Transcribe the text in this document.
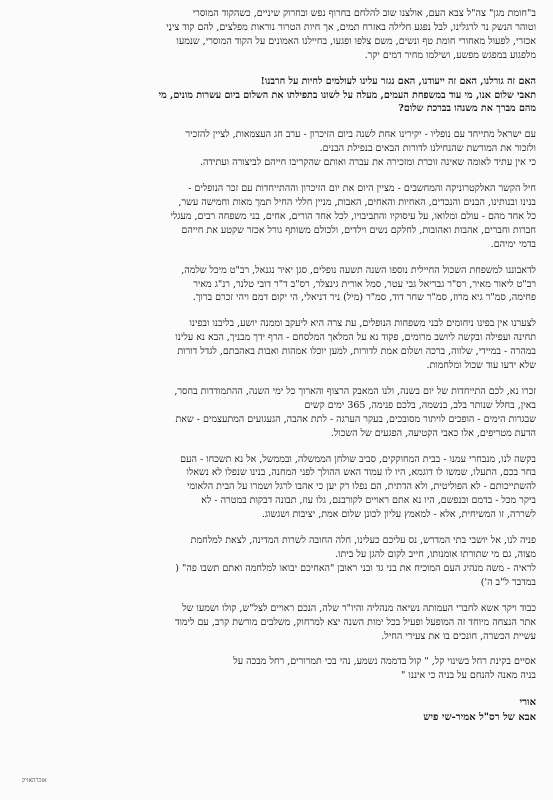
ב"חומת מגן" צה"ל צבא העם, אולצנו שוב להלחם בחרוף נפש ובחרוק שיניים, כשהקוד המוסרי
וטוהר הנשק נר לרגלינו, לבל נפגע חלילה באזרח תמים, אך חיות הטרור נוראות מפלצים, להם קוד צינַי
אכזרי, לפעול מאחורי חומת טף ונשים, משם צלפו ופגעו, בחיילנו האמונים על הקוד המוסרי, שנמעו
מלפגוע במפגש מפשע, ושילמו מחיר דמים יקר.
האם זה גורלנו, האם זה ייעודנו, האם נגזר עלינו לעולמים לחיות על חרבנו!
תאבי שלום אנו, מי עוד במשפחת העמים, מעלה על לשונו בתפילתו את השלום ביום עשרות מונים, מי
מהם מברך את משנהו בברכת שלום?
עם ישראל מתייחד עם נופליו - יקירינו אחת לשנה ביום הזיכרון - ערב חג העצמאות, לציין להזכיר
ולזכור את המורשת שהנחילנו לדורות הבאים בנפילת הבנים.
כי אין עתיד לאומה שאינה זוכרת ומזכירה את עברה ואותם שהקריבו חייהם לביצורה ועתידה.
חיל הקשר האלקטרוניקה והמחשבים - מציין היום את יום הזיכרון וההתייחדות עם זכר הנופלים -
בנינו ובנותינו, הבנים והנכדים, האחיות והאחים, האבות, מניין חללי החיל תמך מאות וחמישה עשר,
כל אחד מהם - עולם ומלואו, על עיסוקיו והתביבויו, לכל אחד הורים, אחים, בני משפחה רבים, מעגלי
חברות וחברים, אהבות ואהובות, לחלקם נשים וילדים, ולכולם משותף גורל אכזר שקטע את חייהם
בדמי ימיהם.
לדאבוננו למשפחת השכול החיילית נוספו השנה תשעה נופלים, סגן יאיר נגנאל, רב"ט מיכל שלמה,
רב"ט ליאור מאיר, רס"ר גבריאל גבי עטר, סמל אורית גינצלר, רס"ב ד"ר דובי טלנר, רנ"ג מאיר
פחימה, סמ"ר גיא מרוז, סמ"ר שחר דוד, סמ"ר (מיל) ניר דניאלי, הי יקום דמם ויהי זכרם ברוך.
לצערנו אין בפינו ניחומים לבני משפחות הנופלים, עת צרה היא ליעקב וממנה יושע, בליבנו ובפינו
תחינה ועפילה ובקשה ליושב מרומים, פקוד נא על המלאך המלסחם - הרף ידך מבניך, הבא נא עלינו
במהרה - במיידי, שלווה, ברכה ושלום אמת לדורות, למען יוכלו אמהות ואבות באהבתם, לגדל דורות
שלא ידעו עוד שכול ומלחמות.
זכרו נא, לכם התייחדות של יום בשנה, ולנו המאבק הרצוף והארוך כל ימי השנה, ההתמודדות בחסר,
באין, בחלל שנותר בלב, בנשמה, בלכם פנימה, 365 ימים קשים
שבגרות הימים - הופכים לויתור מסובכים, בעקר הערגה - לתת אהבה, הגעגועים המתעצמים - שאת
הדעת מטריפים, אלו כאבי הקטיעה, הפגעים של השכול.
בקשה לנו, מנבחרי עמנו - בבית המחוקקים, סביב שולחן הממשלה, ובממשל, אל נא תשכחו - העם
בחר בכם, התעלו, שמשו לו דוגמא, היו לו עמוד האש ההולך לפני המחנה, בנינו שנפלו לא נשאלו
להשתייכותם - לא הפוליטית, ולא הדתית, הם נפלו רק יען כי אהבו לרגל ושמרו על הבית הלאומי
ביקר מכל - בדמם ובנפשם, היו נא אתם ראויים לקורבנם, גלו עוז, תבונה דבקות במטרה - לא
לשררה, זו המשיחית, אלא - למאמץ עליון לכונן שלום אמת, יציבות ושגשוג.
פניה לנו, אל יושבי בתי המדרש, נס עליכם כעלינו, חלה החובה לשרות המדינה, לצאת למלחמת
מצוה, גם מי שתורתו אומנותו, חייב לקום להגן על ביתו.
לראיה - משה מנהיג העם המוכיח את בני גד ובני ראובן "האחיכם יבואו למלחמה ואתם תשבו פה" (
במדבר ל"ב ה')
כבוד ויקר אשא לחברי העמותה נשיאה מנהליה והיו"ר שלה, הנכם ראויים לצל"ש, קולו ושמעו של
אתר הנצחה מיוחד זה המופעל ופעיל בכל ימות השנה יצא למרחוק, משלבים מורשת קרב, עם לימוד
עשיית הכשרה, חונכים בו את צעירי החיל.
אסיים בקינת רחל בשינוי קל, " קול בדממה נשמע, נהי בכי תמרורים, רחל מבכה על
בניה מאנה להנחם על בניה כי איננו "
אורי
אבא של רס"ל אמיר-שי פיש
אזכרהאזיק
